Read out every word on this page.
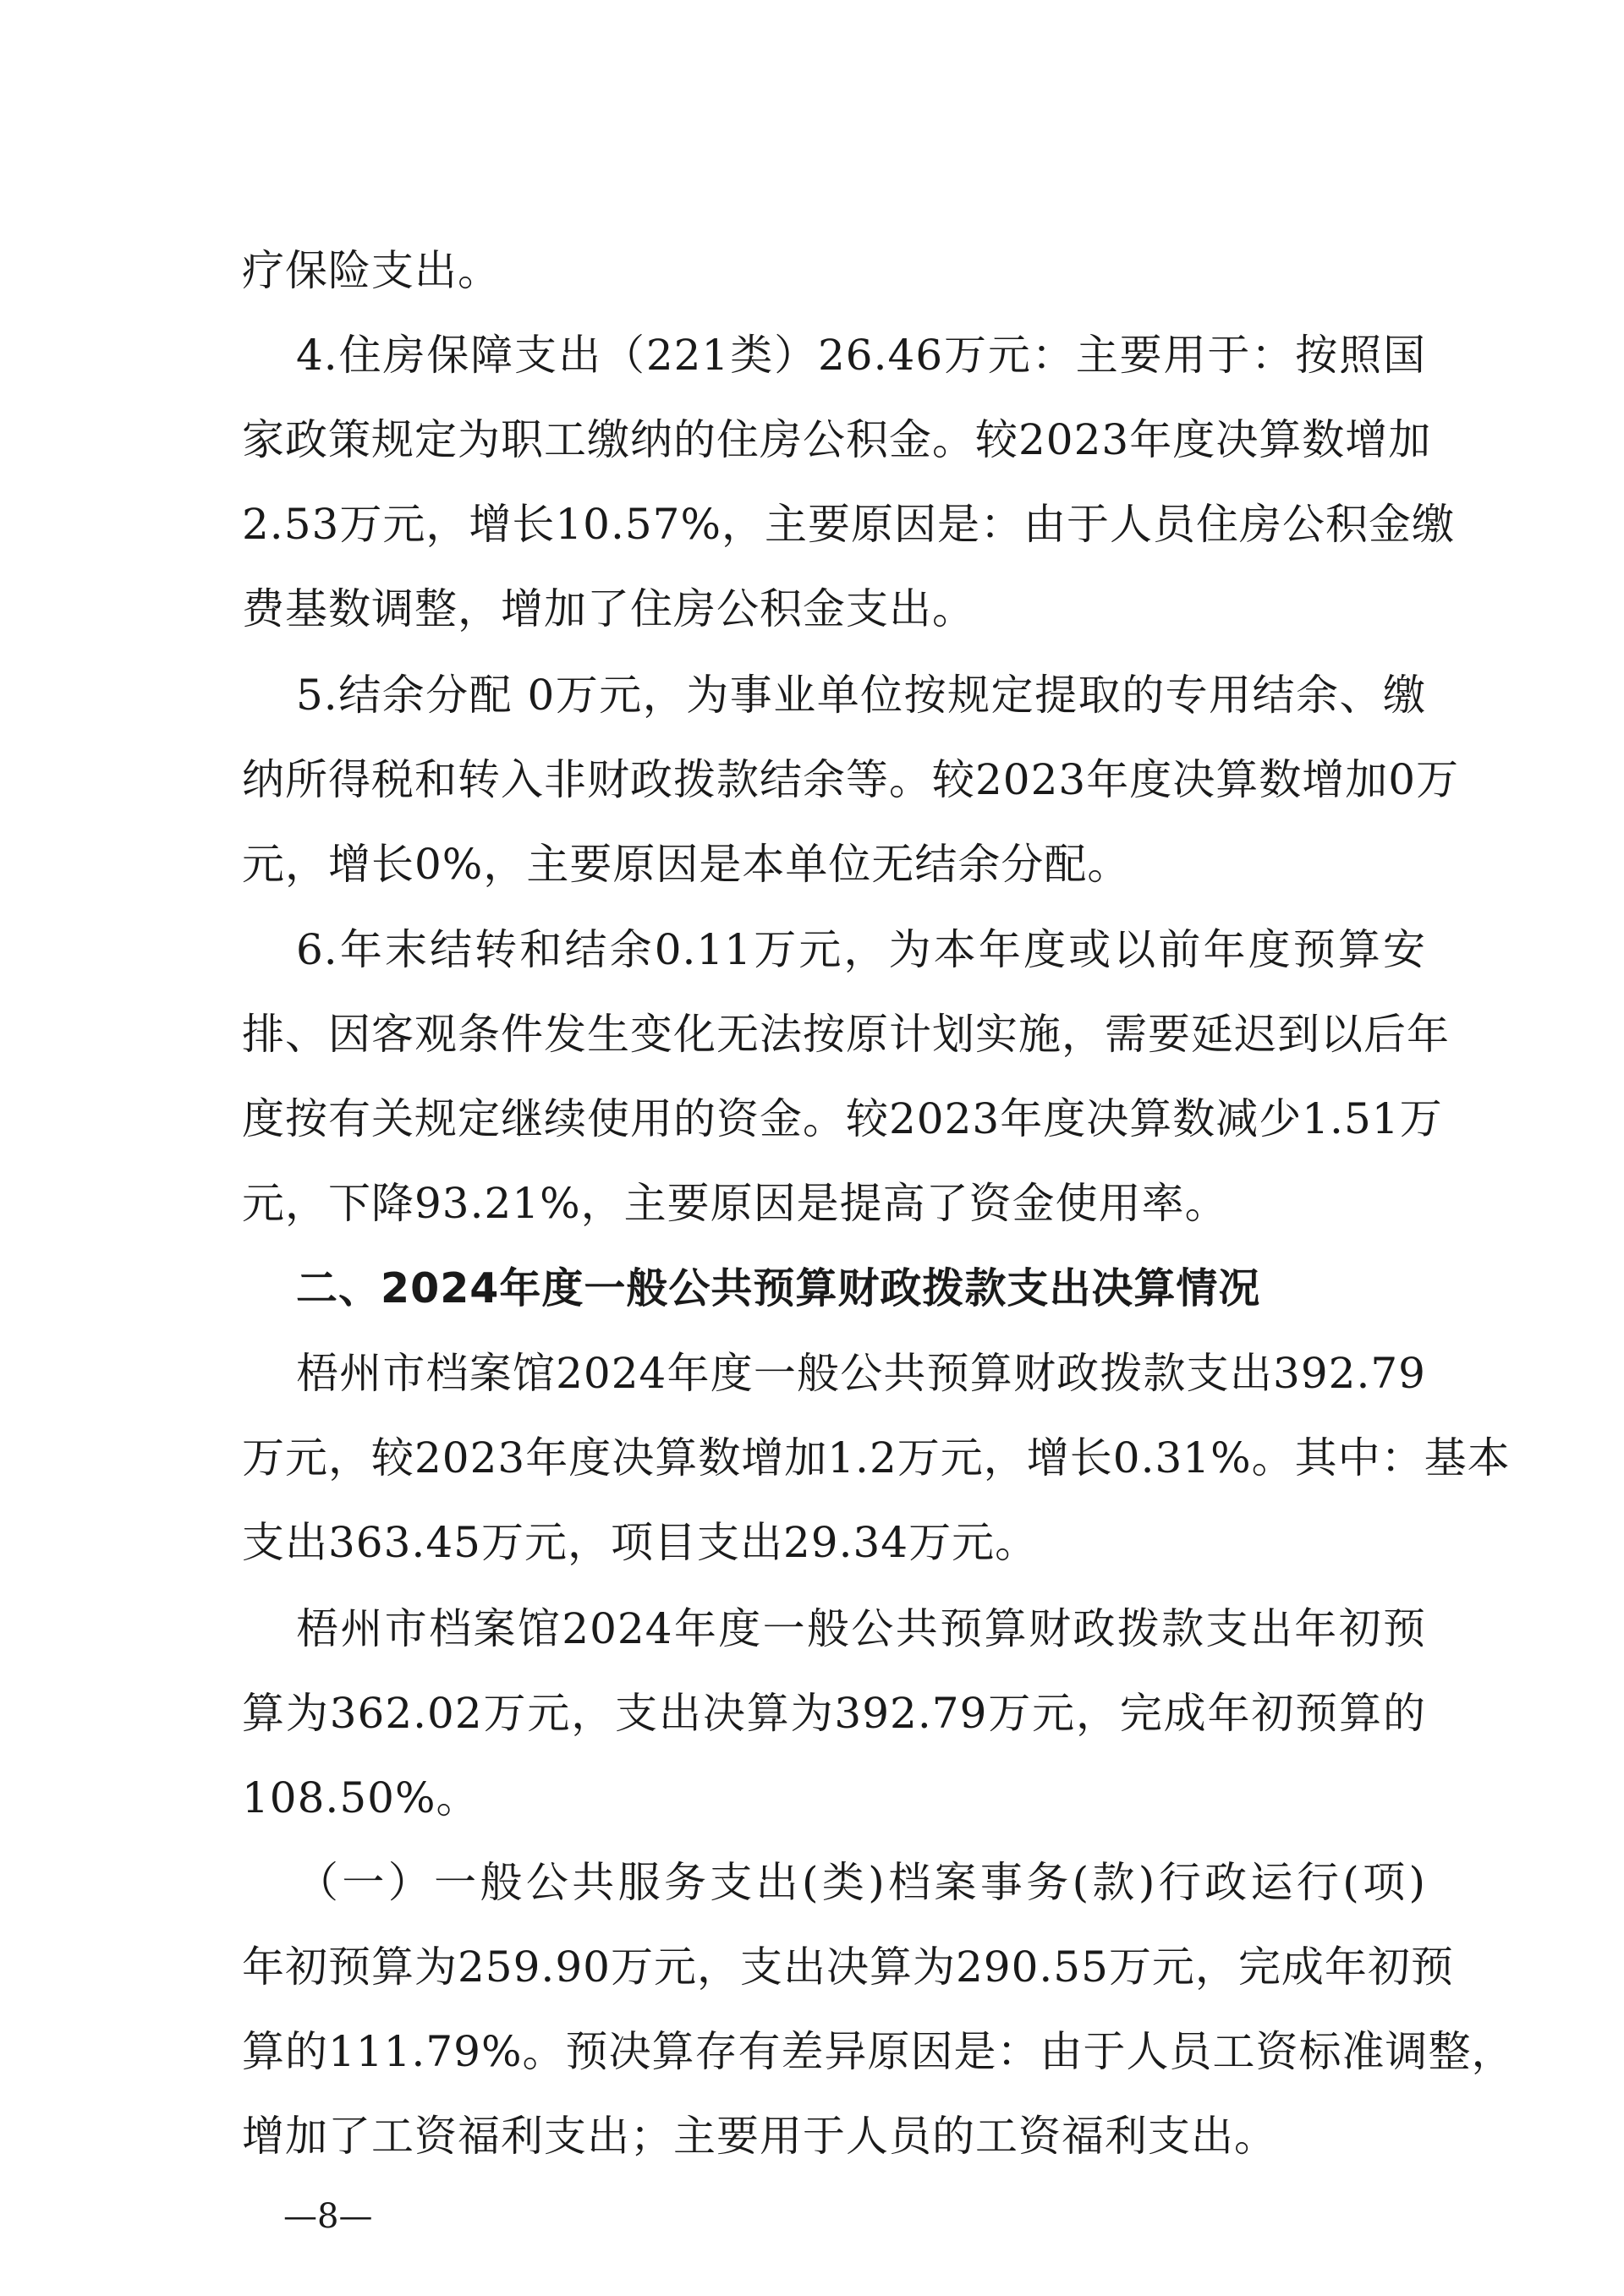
疗保险支出。
4.住房保障支出（221类）26.46万元：主要用于：按照国
家政策规定为职工缴纳的住房公积金。较2023年度决算数增加
2.53万元，增长10.57%，主要原因是：由于人员住房公积金缴
费基数调整，增加了住房公积金支出。
5.结余分配 0万元，为事业单位按规定提取的专用结余、缴
纳所得税和转入非财政拨款结余等。较2023年度决算数增加0万
元，增长0%，主要原因是本单位无结余分配。
6.年末结转和结余0.11万元，为本年度或以前年度预算安
排、因客观条件发生变化无法按原计划实施，需要延迟到以后年
度按有关规定继续使用的资金。较2023年度决算数减少1.51万
元，下降93.21%，主要原因是提高了资金使用率。
二、2024年度一般公共预算财政拨款支出决算情况
梧州市档案馆2024年度一般公共预算财政拨款支出392.79
万元，较2023年度决算数增加1.2万元，增长0.31%。其中：基本
支出363.45万元，项目支出29.34万元。
梧州市档案馆2024年度一般公共预算财政拨款支出年初预
算为362.02万元，支出决算为392.79万元，完成年初预算的
108.50%。
（一）一般公共服务支出(类)档案事务(款)行政运行(项)
年初预算为259.90万元，支出决算为290.55万元，完成年初预
算的111.79%。预决算存有差异原因是：由于人员工资标准调整，
增加了工资福利支出；主要用于人员的工资福利支出。
—8—
